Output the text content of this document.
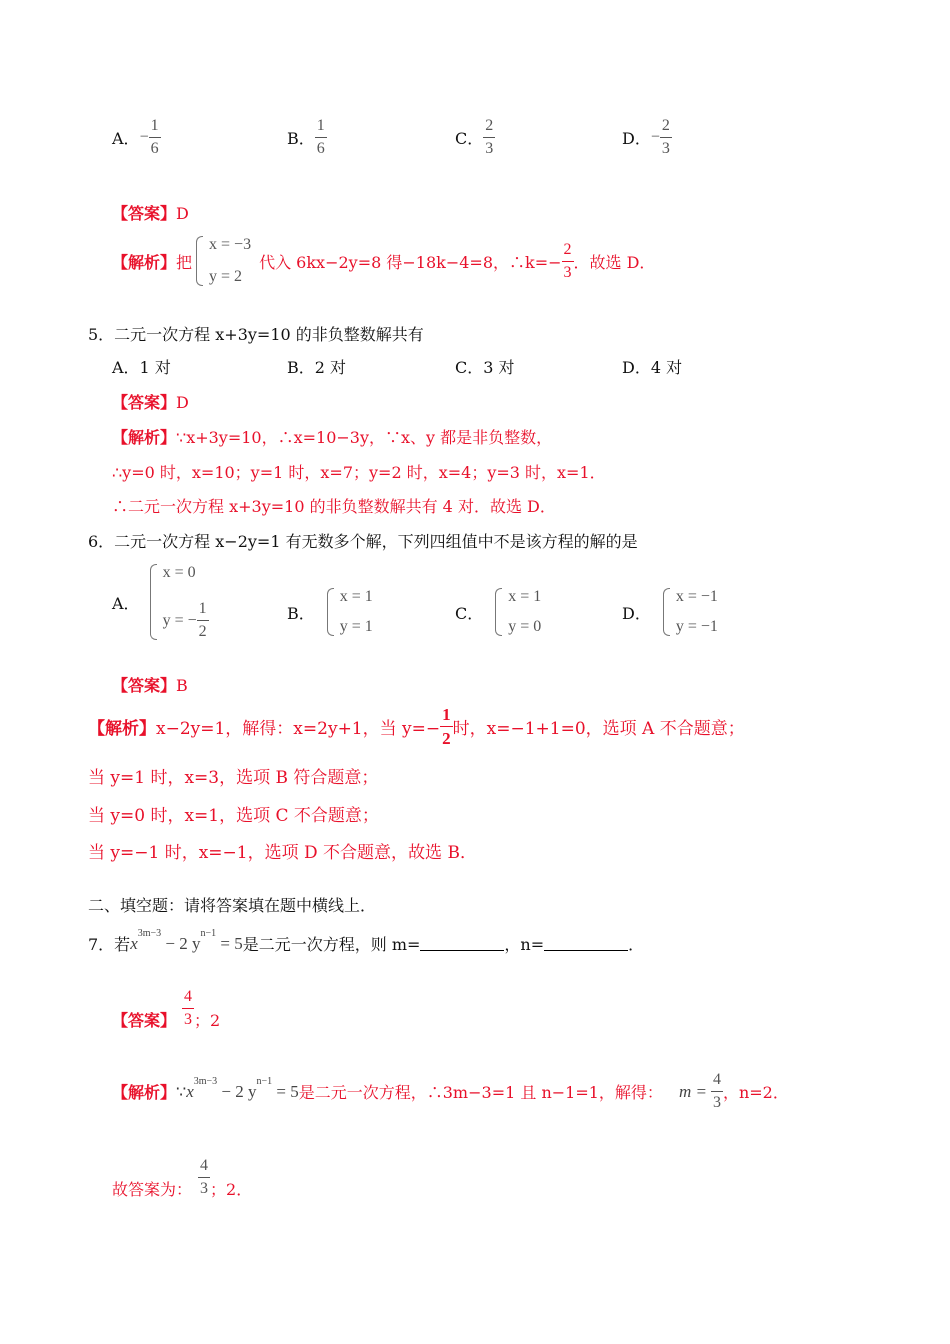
A．− $\frac{1}{6}$	B． $\frac{1}{6}$	C． $\frac{2}{3}$	D．− $\frac{2}{3}$
【答案】D
【解析】 把
x = −3
y = 2
代入 6kx−2y=8 得−18k−4=8，∴k=− $\frac{2}{3}$ ．故选 D．
5．二元一次方程 x+3y=10 的非负整数解共有
A．1 对	B．2 对	C．3 对	D．4 对
【答案】D
【解析】∵x+3y=10，∴x=10−3y，∵x、y 都是非负整数，
∴y=0 时，x=10；y=1 时，x=7；y=2 时，x=4；y=3 时，x=1．
∴二元一次方程 x+3y=10 的非负整数解共有 4 对．故选 D．
6．二元一次方程 x−2y=1 有无数多个解，下列四组值中不是该方程的解的是
A．
x = 0
y = − $\frac{1}{2}$	B．
x = 1
y = 1
C．
x = 1
y = 0
D．
x = −1
y = −1
【答案】B
【解析】 x−2y=1，解得：x=2y+1，当 $y=- \frac{1}{2}$ 时，x=−1+1=0，选项 A 不合题意；
当 y=1 时，x=3，选项 B 符合题意；
当 y=0 时，x=1，选项 C 不合题意；
当 y=−1 时，x=−1，选项 D 不合题意，故选 B．
二、填空题：请将答案填在题中横线上．
7．若 $x^{3m-3} - 2$ $y^{n-1} = 5$ 是二元一次方程，则 m=	，n=	．
【答案】 $\frac{4}{3}$ ；2
【解析】 ∵ $x^{3m-3} - 2$ $y^{n-1} = 5$ 是二元一次方程，∴3m−3=1 且 n−1=1，解得： $m = \frac{4}{3}$ ，n=2．
故答案为： $\frac{4}{3}$ ；2．
